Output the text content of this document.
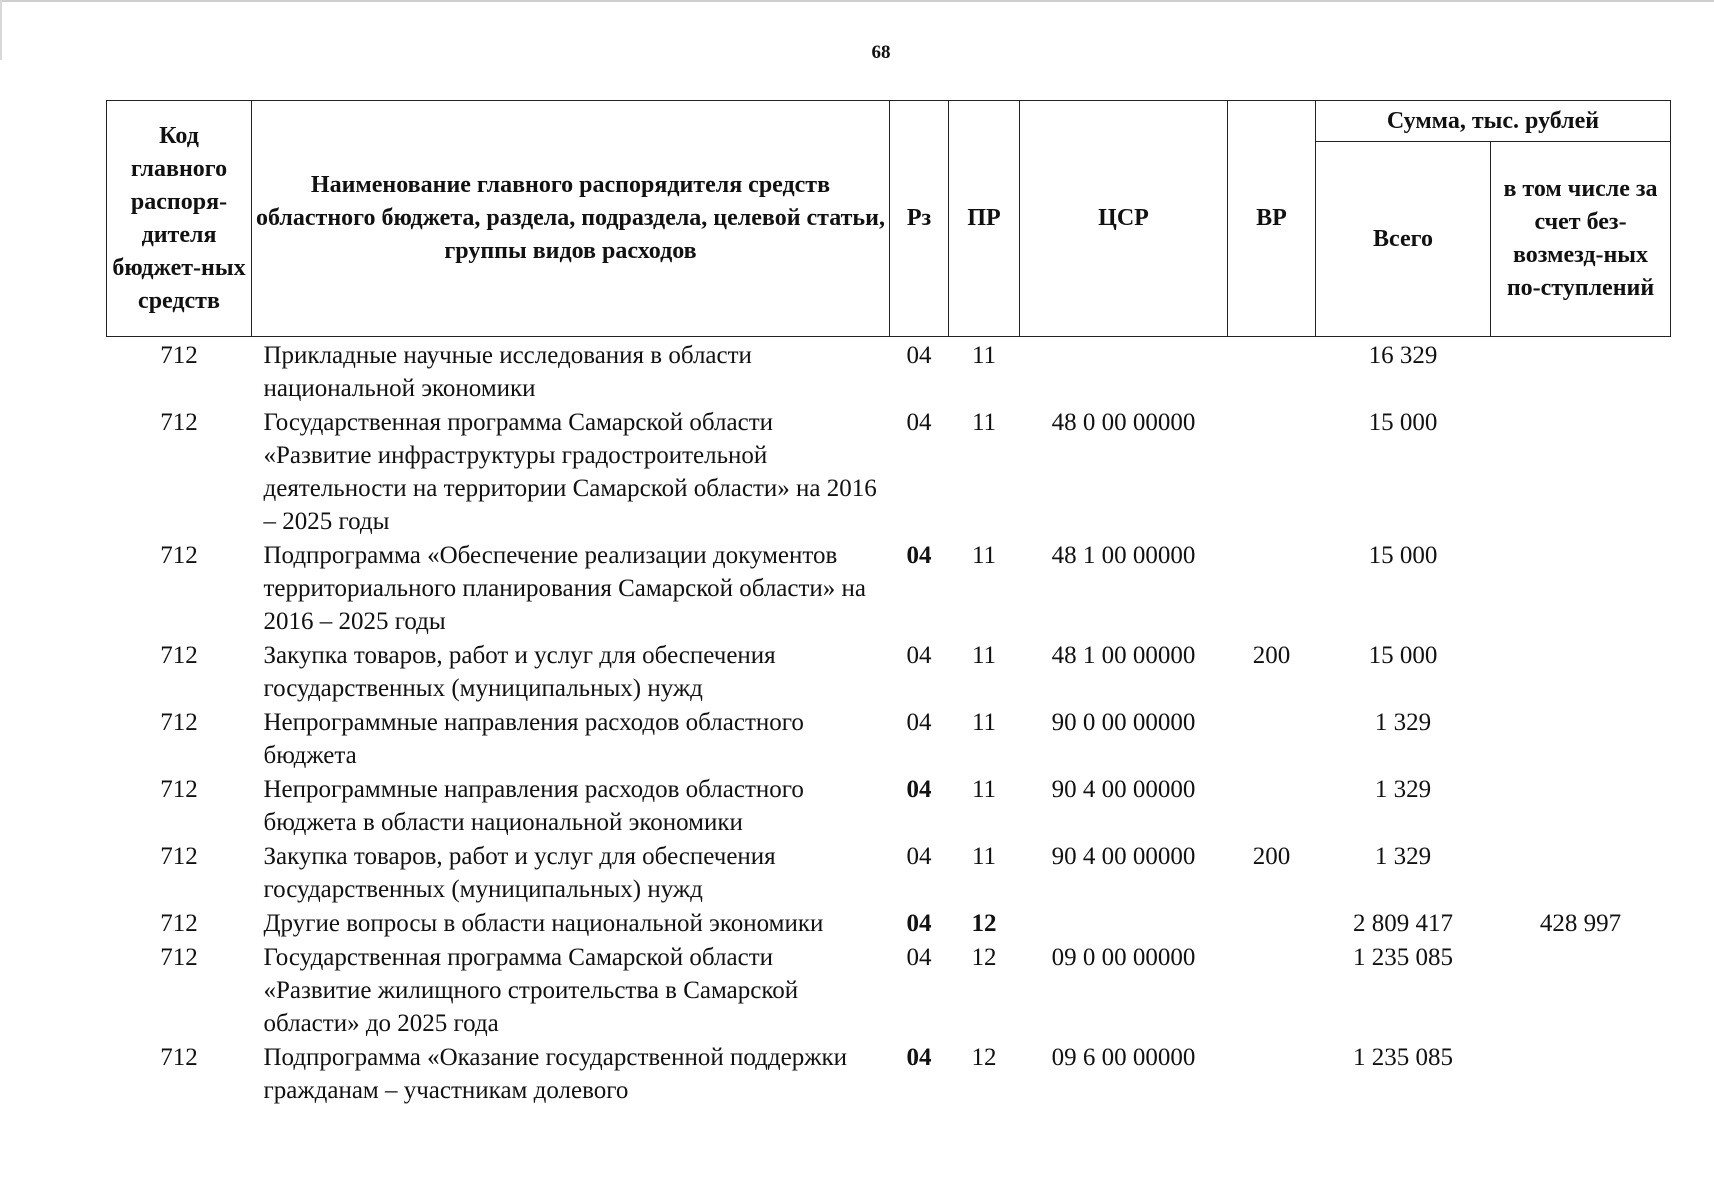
68
Код главного распоря-дителя бюджет-ных средств	Наименование главного распорядителя средств областного бюджета, раздела, подраздела, целевой статьи, группы видов расходов	Рз	ПР	ЦСР	ВР	Сумма, тыс. рублей	
						Всего	в том числе за счет без-возмезд-ных по-ступлений
712	Прикладные научные исследования в области национальной экономики	04	11			16 329	
712	Государственная программа Самарской области «Развитие инфраструктуры градостроительной деятельности на территории Самарской области» на 2016 – 2025 годы	04	11	48 0 00 00000		15 000	
712	Подпрограмма «Обеспечение реализации документов территориального планирования Самарской области» на 2016 – 2025 годы	04	11	48 1 00 00000		15 000	
712	Закупка товаров, работ и услуг для обеспечения государственных (муниципальных) нужд	04	11	48 1 00 00000	200	15 000	
712	Непрограммные направления расходов областного бюджета	04	11	90 0 00 00000		1 329	
712	Непрограммные направления расходов областного бюджета в области национальной экономики	04	11	90 4 00 00000		1 329	
712	Закупка товаров, работ и услуг для обеспечения государственных (муниципальных) нужд	04	11	90 4 00 00000	200	1 329	
712	Другие вопросы в области национальной экономики	04	12			2 809 417	428 997
712	Государственная программа Самарской области «Развитие жилищного строительства в Самарской области» до 2025 года	04	12	09 0 00 00000		1 235 085	
712	Подпрограмма «Оказание государственной поддержки гражданам – участникам долевого	04	12	09 6 00 00000		1 235 085	
